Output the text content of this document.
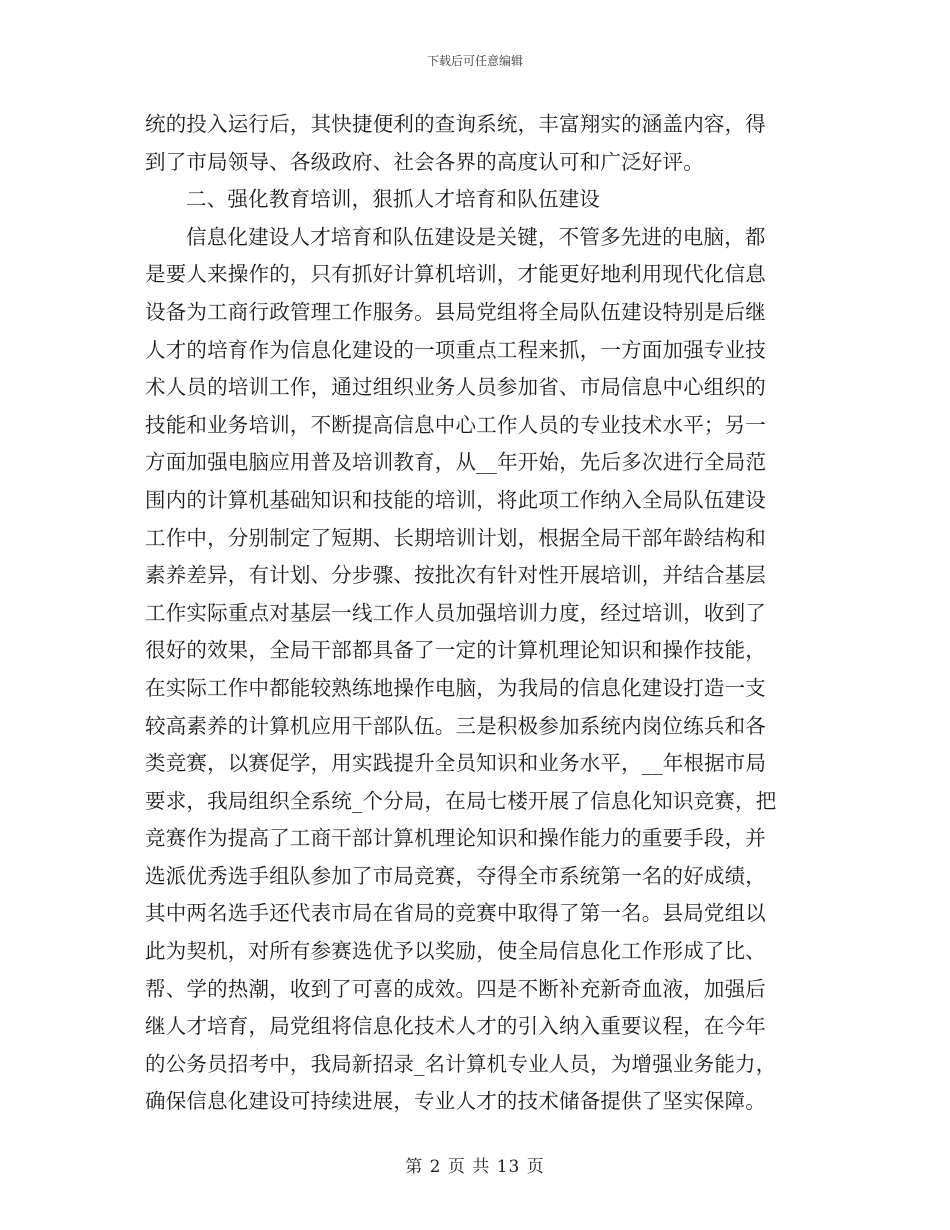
下载后可任意编辑
统的投入运行后，其快捷便利的查询系统，丰富翔实的涵盖内容，得
到了市局领导、各级政府、社会各界的高度认可和广泛好评。
二、强化教育培训，狠抓人才培育和队伍建设
信息化建设人才培育和队伍建设是关键，不管多先进的电脑，都
是要人来操作的，只有抓好计算机培训，才能更好地利用现代化信息
设备为工商行政管理工作服务。县局党组将全局队伍建设特别是后继
人才的培育作为信息化建设的一项重点工程来抓，一方面加强专业技
术人员的培训工作，通过组织业务人员参加省、市局信息中心组织的
技能和业务培训，不断提高信息中心工作人员的专业技术水平；另一
方面加强电脑应用普及培训教育，从__年开始，先后多次进行全局范
围内的计算机基础知识和技能的培训，将此项工作纳入全局队伍建设
工作中，分别制定了短期、长期培训计划，根据全局干部年龄结构和
素养差异，有计划、分步骤、按批次有针对性开展培训，并结合基层
工作实际重点对基层一线工作人员加强培训力度，经过培训，收到了
很好的效果，全局干部都具备了一定的计算机理论知识和操作技能，
在实际工作中都能较熟练地操作电脑，为我局的信息化建设打造一支
较高素养的计算机应用干部队伍。三是积极参加系统内岗位练兵和各
类竞赛，以赛促学，用实践提升全员知识和业务水平，__年根据市局
要求，我局组织全系统_个分局，在局七楼开展了信息化知识竞赛，把
竞赛作为提高了工商干部计算机理论知识和操作能力的重要手段，并
选派优秀选手组队参加了市局竞赛，夺得全市系统第一名的好成绩，
其中两名选手还代表市局在省局的竞赛中取得了第一名。县局党组以
此为契机，对所有参赛选优予以奖励，使全局信息化工作形成了比、
帮、学的热潮，收到了可喜的成效。四是不断补充新奇血液，加强后
继人才培育，局党组将信息化技术人才的引入纳入重要议程，在今年
的公务员招考中，我局新招录_名计算机专业人员，为增强业务能力，
确保信息化建设可持续进展，专业人才的技术储备提供了坚实保障。
第 2 页 共 13 页
